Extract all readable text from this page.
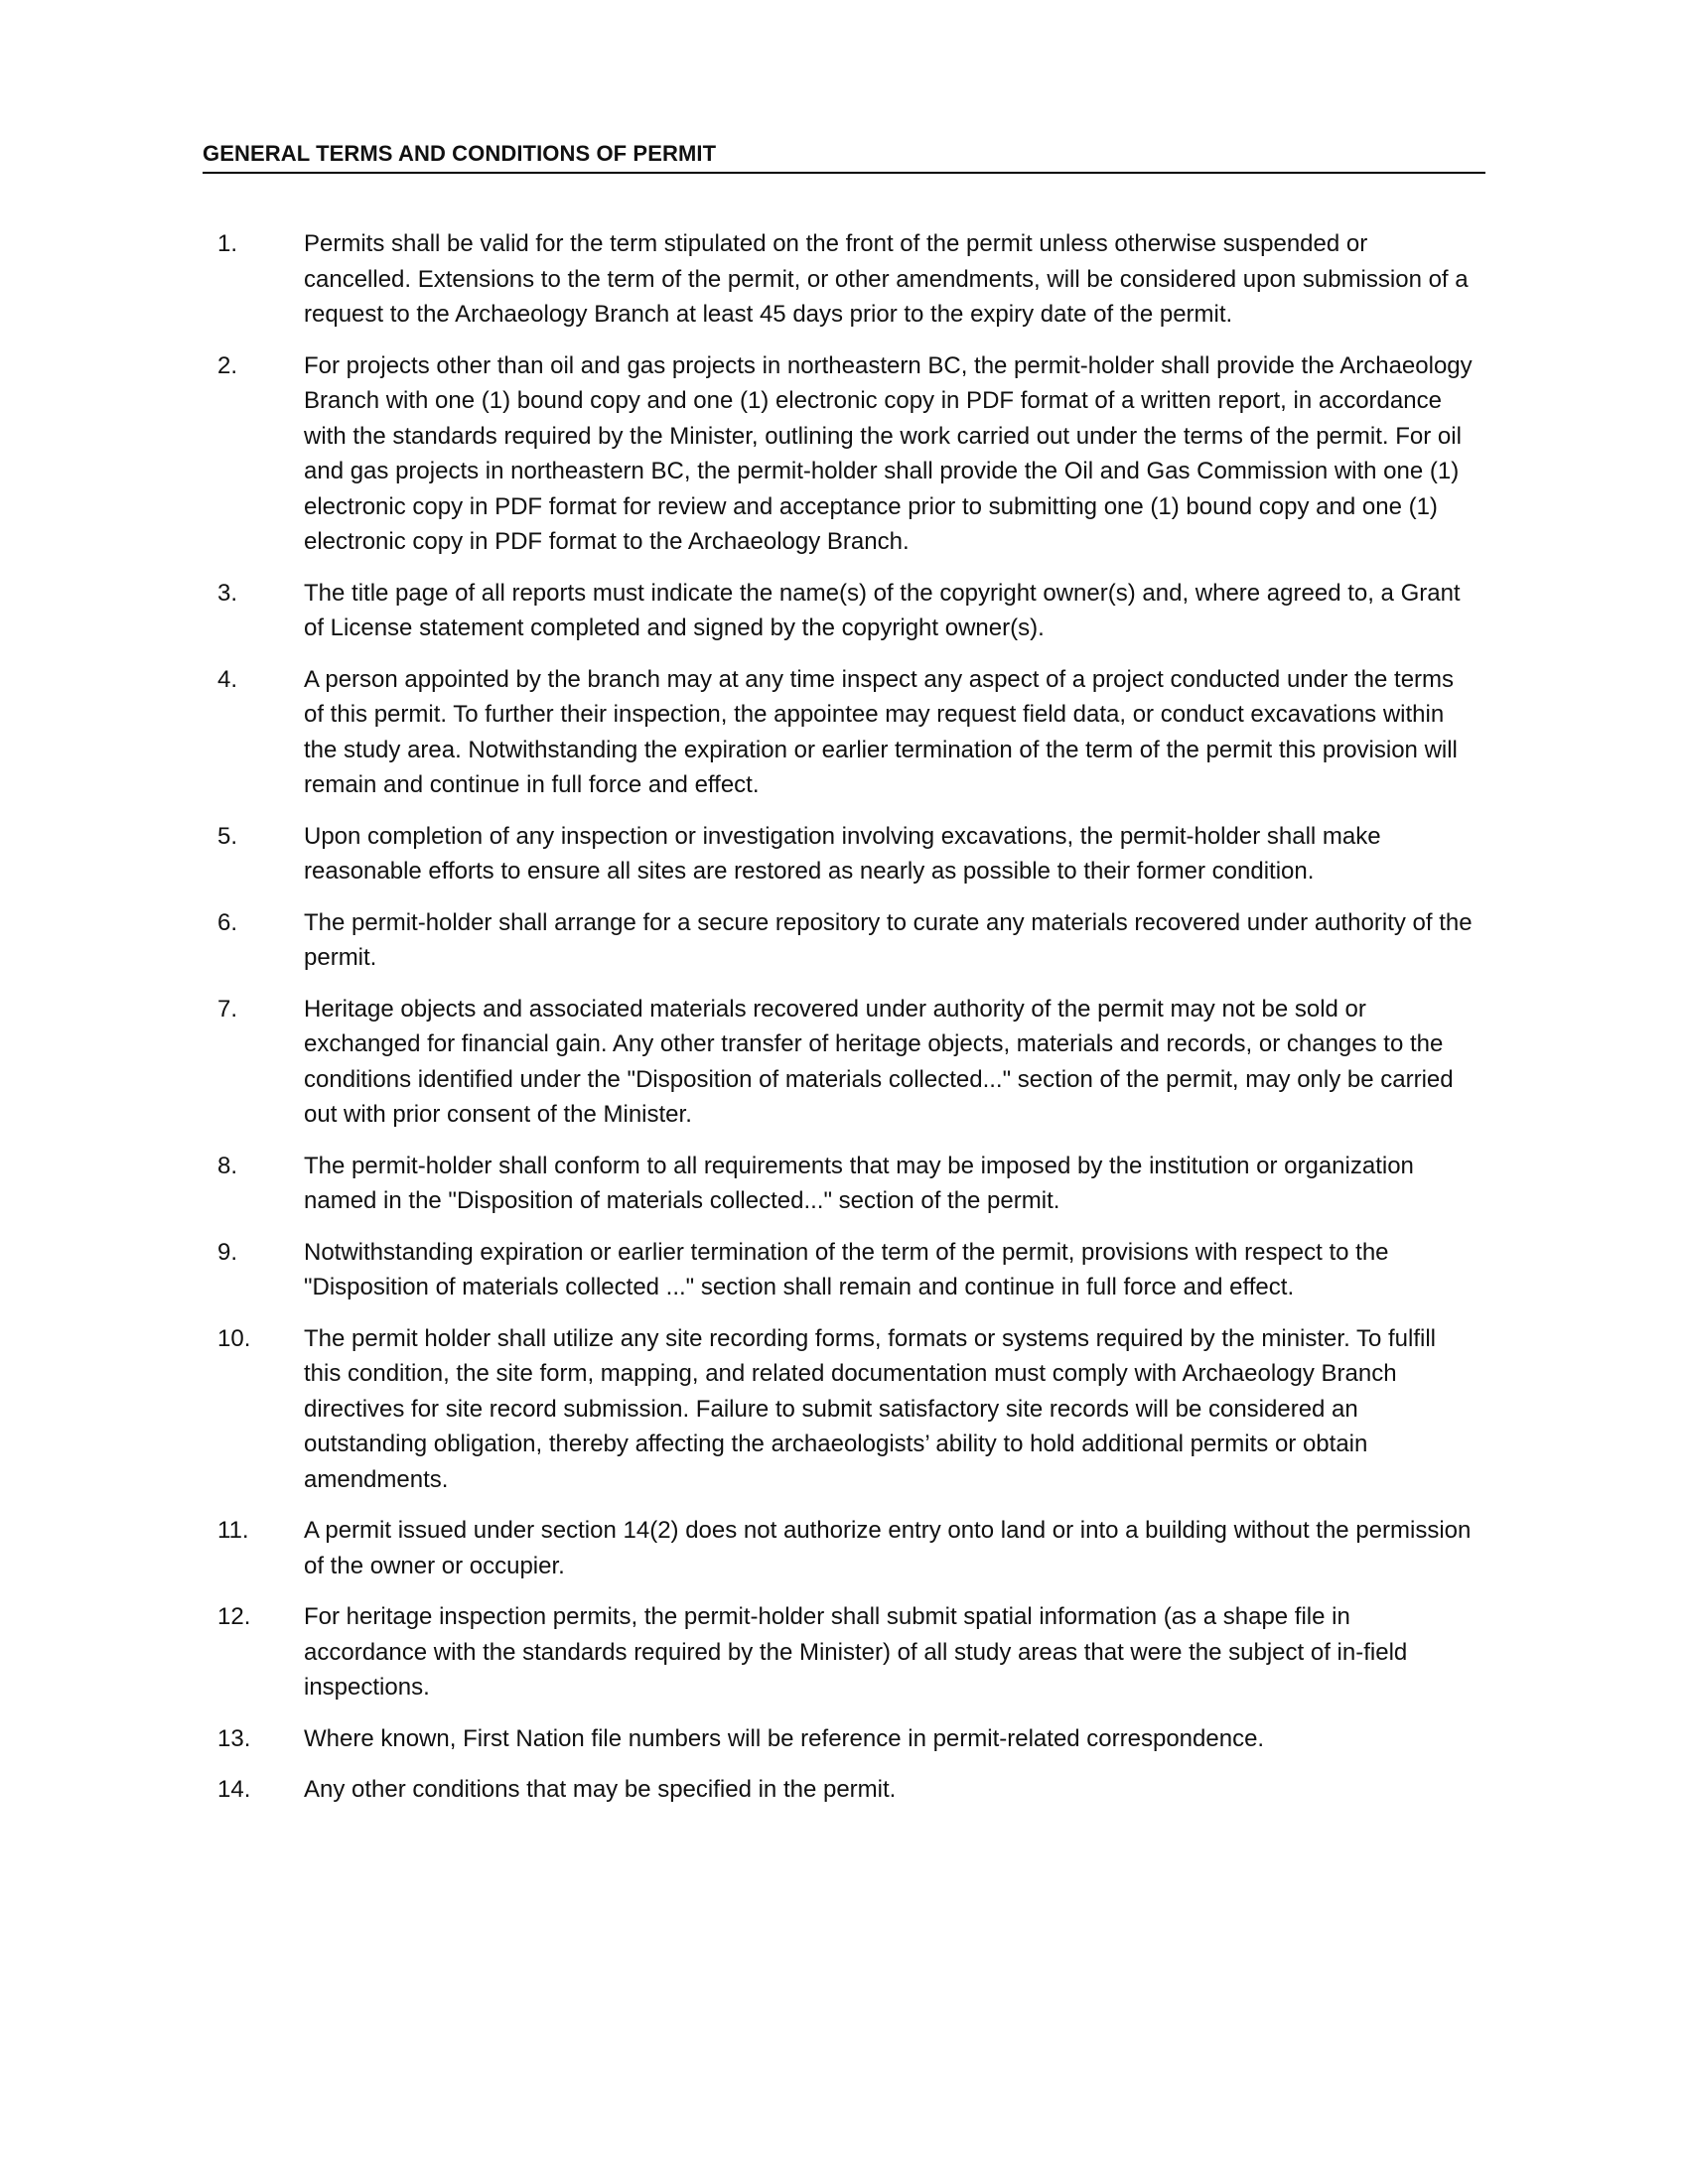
GENERAL TERMS AND CONDITIONS OF PERMIT
1.	Permits shall be valid for the term stipulated on the front of the permit unless otherwise suspended or cancelled. Extensions to the term of the permit, or other amendments, will be considered upon submission of a request to the Archaeology Branch at least 45 days prior to the expiry date of the permit.
2.	For projects other than oil and gas projects in northeastern BC, the permit-holder shall provide the Archaeology Branch with one (1) bound copy and one (1) electronic copy in PDF format of a written report, in accordance with the standards required by the Minister, outlining the work carried out under the terms of the permit. For oil and gas projects in northeastern BC, the permit-holder shall provide the Oil and Gas Commission with one (1) electronic copy in PDF format for review and acceptance prior to submitting one (1) bound copy and one (1) electronic copy in PDF format to the Archaeology Branch.
3.	The title page of all reports must indicate the name(s) of the copyright owner(s) and, where agreed to, a Grant of License statement completed and signed by the copyright owner(s).
4.	A person appointed by the branch may at any time inspect any aspect of a project conducted under the terms of this permit. To further their inspection, the appointee may request field data, or conduct excavations within the study area. Notwithstanding the expiration or earlier termination of the term of the permit this provision will remain and continue in full force and effect.
5.	Upon completion of any inspection or investigation involving excavations, the permit-holder shall make reasonable efforts to ensure all sites are restored as nearly as possible to their former condition.
6.	The permit-holder shall arrange for a secure repository to curate any materials recovered under authority of the permit.
7.	Heritage objects and associated materials recovered under authority of the permit may not be sold or exchanged for financial gain. Any other transfer of heritage objects, materials and records, or changes to the conditions identified under the "Disposition of materials collected..." section of the permit, may only be carried out with prior consent of the Minister.
8.	The permit-holder shall conform to all requirements that may be imposed by the institution or organization named in the "Disposition of materials collected..." section of the permit.
9.	Notwithstanding expiration or earlier termination of the term of the permit, provisions with respect to the "Disposition of materials collected ..." section shall remain and continue in full force and effect.
10.	The permit holder shall utilize any site recording forms, formats or systems required by the minister. To fulfill this condition, the site form, mapping, and related documentation must comply with Archaeology Branch directives for site record submission. Failure to submit satisfactory site records will be considered an outstanding obligation, thereby affecting the archaeologists’ ability to hold additional permits or obtain amendments.
11.	A permit issued under section 14(2) does not authorize entry onto land or into a building without the permission of the owner or occupier.
12.	For heritage inspection permits, the permit-holder shall submit spatial information (as a shape file in accordance with the standards required by the Minister) of all study areas that were the subject of in-field inspections.
13.	Where known, First Nation file numbers will be reference in permit-related correspondence.
14.	Any other conditions that may be specified in the permit.
